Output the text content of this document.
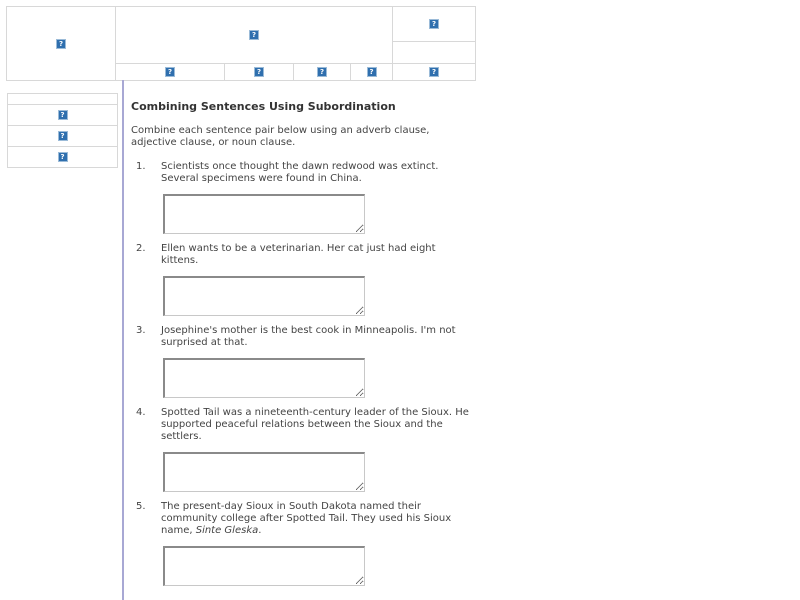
?
?
?
?	?	?	?	?
?
?
?
Combining Sentences Using Subordination

Combine each sentence pair below using an adverb clause, adjective clause, or noun clause.

1. Scientists once thought the dawn redwood was extinct. Several specimens were found in China.
2. Ellen wants to be a veterinarian. Her cat just had eight kittens.
3. Josephine's mother is the best cook in Minneapolis. I'm not surprised at that.
4. Spotted Tail was a nineteenth-century leader of the Sioux. He supported peaceful relations between the Sioux and the settlers.
5. The present-day Sioux in South Dakota named their community college after Spotted Tail. They used his Sioux name, Sinte Gleska.
